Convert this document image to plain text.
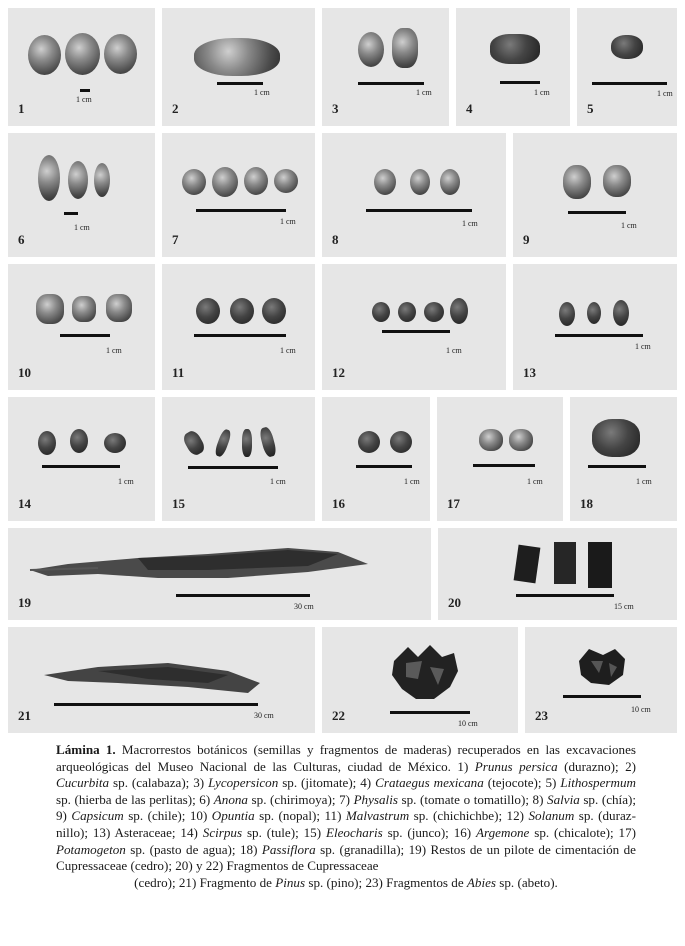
1 cm
1
1 cm
2
1 cm
3
1 cm
4
1 cm
5
1 cm
6
1 cm
7
1 cm
8
1 cm
9
1 cm
10
1 cm
11
1 cm
12
1 cm
13
1 cm
14
1 cm
15
1 cm
16
1 cm
17
1 cm
18
30 cm
19	15 cm
20
30 cm
21
10 cm
22	10 cm
23
Lámina 1. Macrorrestos botánicos (semillas y fragmentos de maderas) recuperados en las excavaciones arqueológicas del Museo Nacional de las Culturas, ciudad de México. 1) Prunus persica (durazno); 2) Cucurbita sp. (calabaza); 3) Lycopersicon sp. (jitomate); 4) Crataegus mexicana (tejocote); 5) Lithospermum sp. (hierba de las perlitas); 6) Anona sp. (chirimoya); 7) Physalis sp. (tomate o tomatillo); 8) Salvia sp. (chía); 9) Capsicum sp. (chile); 10) Opuntia sp. (nopal); 11) Malvastrum sp. (chichichbe); 12) Solanum sp. (duraznillo); 13) Asteraceae; 14) Scirpus sp. (tule); 15) Eleocharis sp. (junco); 16) Argemone sp. (chicalote); 17) Potamogeton sp. (pasto de agua); 18) Passiflora sp. (granadilla); 19) Restos de un pilote de cimentación de Cupressaceae (cedro); 20) y 22) Fragmentos de Cupressaceae
(cedro); 21) Fragmento de Pinus sp. (pino); 23) Fragmentos de Abies sp. (abeto).
